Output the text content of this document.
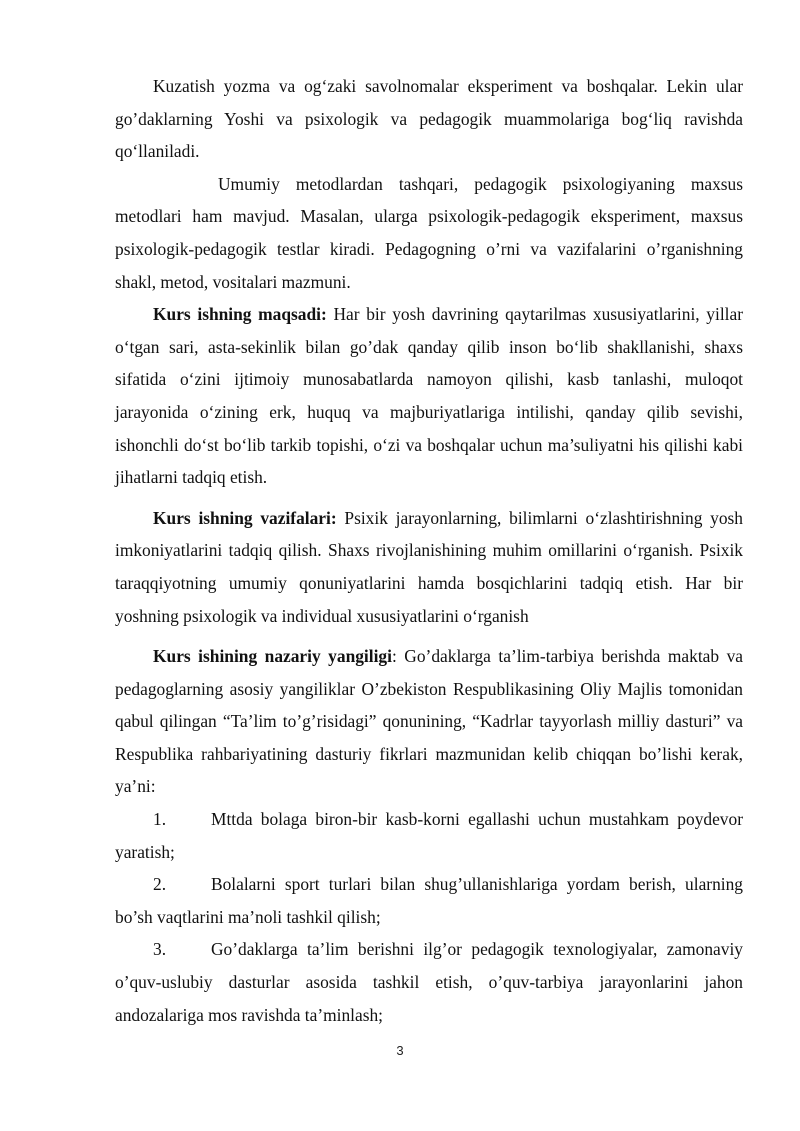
Kuzatish yozma va og‘zaki savolnomalar eksperiment va boshqalar. Lekin ular go’daklarning Yoshi va psixologik va pedagogik muammolariga bog‘liq ravishda qo‘llaniladi.

Umumiy metodlardan tashqari, pedagogik psixologiyaning maxsus metodlari ham mavjud. Masalan, ularga psixologik-pedagogik eksperiment, maxsus psixologik-pedagogik testlar kiradi. Pedagogning o’rni va vazifalarini o’rganishning shakl, metod, vositalari mazmuni.

Kurs ishning maqsadi: Har bir yosh davrining qaytarilmas xususiyatlarini, yillar o‘tgan sari, asta-sekinlik bilan go’dak qanday qilib inson bo‘lib shakllanishi, shaxs sifatida o‘zini ijtimoiy munosabatlarda namoyon qilishi, kasb tanlashi, muloqot jarayonida o‘zining erk, huquq va majburiyatlariga intilishi, qanday qilib sevishi, ishonchli do‘st bo‘lib tarkib topishi, o‘zi va boshqalar uchun ma’suliyatni his qilishi kabi jihatlarni tadqiq etish.

Kurs ishning vazifalari: Psixik jarayonlarning, bilimlarni o‘zlashtirishning yosh imkoniyatlarini tadqiq qilish. Shaxs rivojlanishining muhim omillarini o‘rganish. Psixik taraqqiyotning umumiy qonuniyatlarini hamda bosqichlarini tadqiq etish. Har bir yoshning psixologik va individual xususiyatlarini o‘rganish

Kurs ishining nazariy yangiligi: Go’daklarga ta’lim-tarbiya berishda maktab va pedagoglarning asosiy yangiliklar O’zbekiston Respublikasining Oliy Majlis tomonidan qabul qilingan “Ta’lim to’g’risidagi” qonunining, “Kadrlar tayyorlash milliy dasturi” va Respublika rahbariyatining dasturiy fikrlari mazmunidan kelib chiqqan bo’lishi kerak, ya’ni:

1.	Mttda bolaga biron-bir kasb-korni egallashi uchun mustahkam poydevor yaratish;

2.	Bolalarni sport turlari bilan shug’ullanishlariga yordam berish, ularning bo’sh vaqtlarini ma’noli tashkil qilish;

3.	Go’daklarga ta’lim berishni ilg’or pedagogik texnologiyalar, zamonaviy o’quv-uslubiy dasturlar asosida tashkil etish, o’quv-tarbiya jarayonlarini jahon andozalariga mos ravishda ta’minlash;

3
